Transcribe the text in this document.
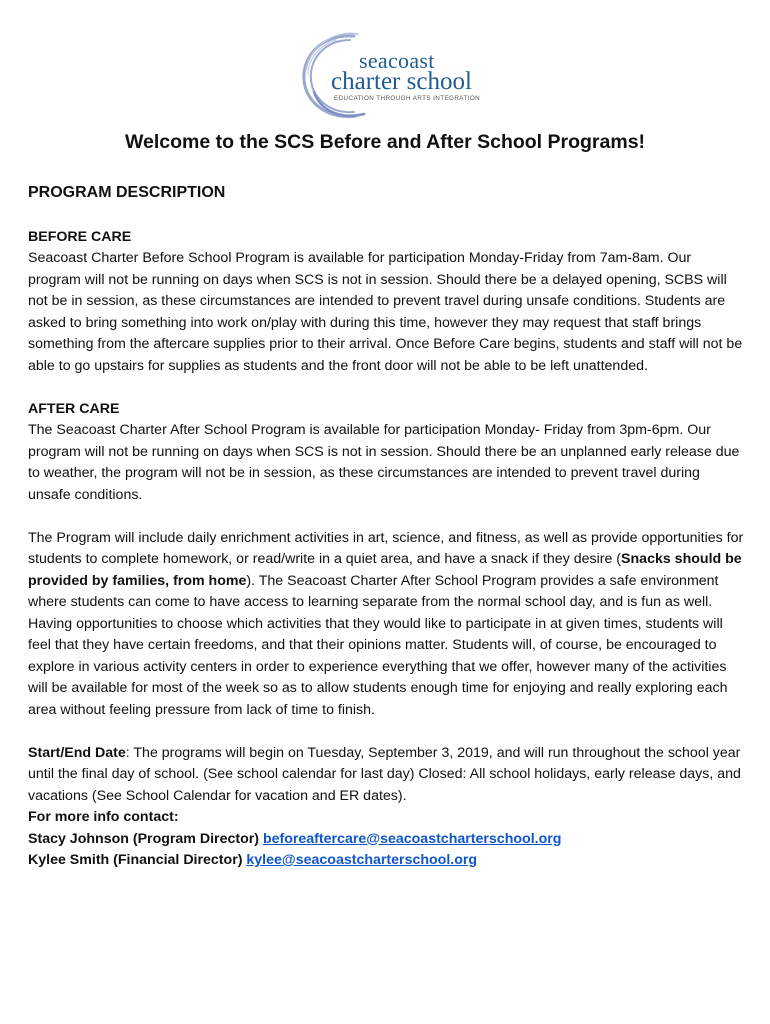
seacoast
charter school
EDUCATION THROUGH ARTS INTEGRATION
Welcome to the SCS Before and After School Programs!
PROGRAM DESCRIPTION
BEFORE CARE

Seacoast Charter Before School Program is available for participation Monday-Friday from 7am-8am. Our program will not be running on days when SCS is not in session. Should there be a delayed opening, SCBS will not be in session, as these circumstances are intended to prevent travel during unsafe conditions. Students are asked to bring something into work on/play with during this time, however they may request that staff brings something from the aftercare supplies prior to their arrival. Once Before Care begins, students and staff will not be able to go upstairs for supplies as students and the front door will not be able to be left unattended.

AFTER CARE

The Seacoast Charter After School Program is available for participation Monday- Friday from 3pm-6pm. Our program will not be running on days when SCS is not in session. Should there be an unplanned early release due to weather, the program will not be in session, as these circumstances are intended to prevent travel during unsafe conditions.

The Program will include daily enrichment activities in art, science, and fitness, as well as provide opportunities for students to complete homework, or read/write in a quiet area, and have a snack if they desire (Snacks should be provided by families, from home). The Seacoast Charter After School Program provides a safe environment where students can come to have access to learning separate from the normal school day, and is fun as well. Having opportunities to choose which activities that they would like to participate in at given times, students will feel that they have certain freedoms, and that their opinions matter. Students will, of course, be encouraged to explore in various activity centers in order to experience everything that we offer, however many of the activities will be available for most of the week so as to allow students enough time for enjoying and really exploring each area without feeling pressure from lack of time to finish.

Start/End Date: The programs will begin on Tuesday, September 3, 2019, and will run throughout the school year until the final day of school. (See school calendar for last day) Closed: All school holidays, early release days, and vacations (See School Calendar for vacation and ER dates).

For more info contact:

Stacy Johnson (Program Director) beforeaftercare@seacoastcharterschool.org

Kylee Smith (Financial Director) kylee@seacoastcharterschool.org
